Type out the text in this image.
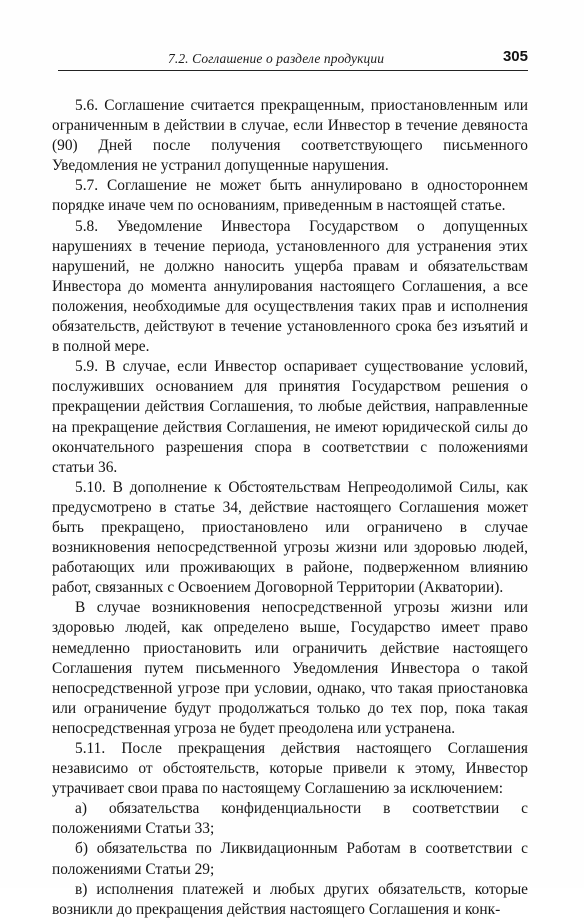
7.2. Соглашение о разделе продукции	305

5.6. Соглашение считается прекращенным, приостановленным или ограниченным в действии в случае, если Инвестор в течение девяноста (90) Дней после получения соответствующего письменного Уведомления не устранил допущенные нарушения.

5.7. Соглашение не может быть аннулировано в одностороннем порядке иначе чем по основаниям, приведенным в настоящей статье.

5.8. Уведомление Инвестора Государством о допущенных нарушениях в течение периода, установленного для устранения этих нарушений, не должно наносить ущерба правам и обязательствам Инвестора до момента аннулирования настоящего Соглашения, а все положения, необходимые для осуществления таких прав и исполнения обязательств, действуют в течение установленного срока без изъятий и в полной мере.

5.9. В случае, если Инвестор оспаривает существование условий, послуживших основанием для принятия Государством решения о прекращении действия Соглашения, то любые действия, направленные на прекращение действия Соглашения, не имеют юридической силы до окончательного разрешения спора в соответствии с положениями статьи 36.

5.10. В дополнение к Обстоятельствам Непреодолимой Силы, как предусмотрено в статье 34, действие настоящего Соглашения может быть прекращено, приостановлено или ограничено в случае возникновения непосредственной угрозы жизни или здоровью людей, работающих или проживающих в районе, подверженном влиянию работ, связанных с Освоением Договорной Территории (Акватории).

В случае возникновения непосредственной угрозы жизни или здоровью людей, как определено выше, Государство имеет право немедленно приостановить или ограничить действие настоящего Соглашения путем письменного Уведомления Инвестора о такой непосредственной угрозе при условии, однако, что такая приостановка или ограничение будут продолжаться только до тех пор, пока такая непосредственная угроза не будет преодолена или устранена.

5.11. После прекращения действия настоящего Соглашения независимо от обстоятельств, которые привели к этому, Инвестор утрачивает свои права по настоящему Соглашению за исключением:

а) обязательства конфиденциальности в соответствии с положениями Статьи 33;

б) обязательства по Ликвидационным Работам в соответствии с положениями Статьи 29;

в) исполнения платежей и любых других обязательств, которые возникли до прекращения действия настоящего Соглашения и конк-
